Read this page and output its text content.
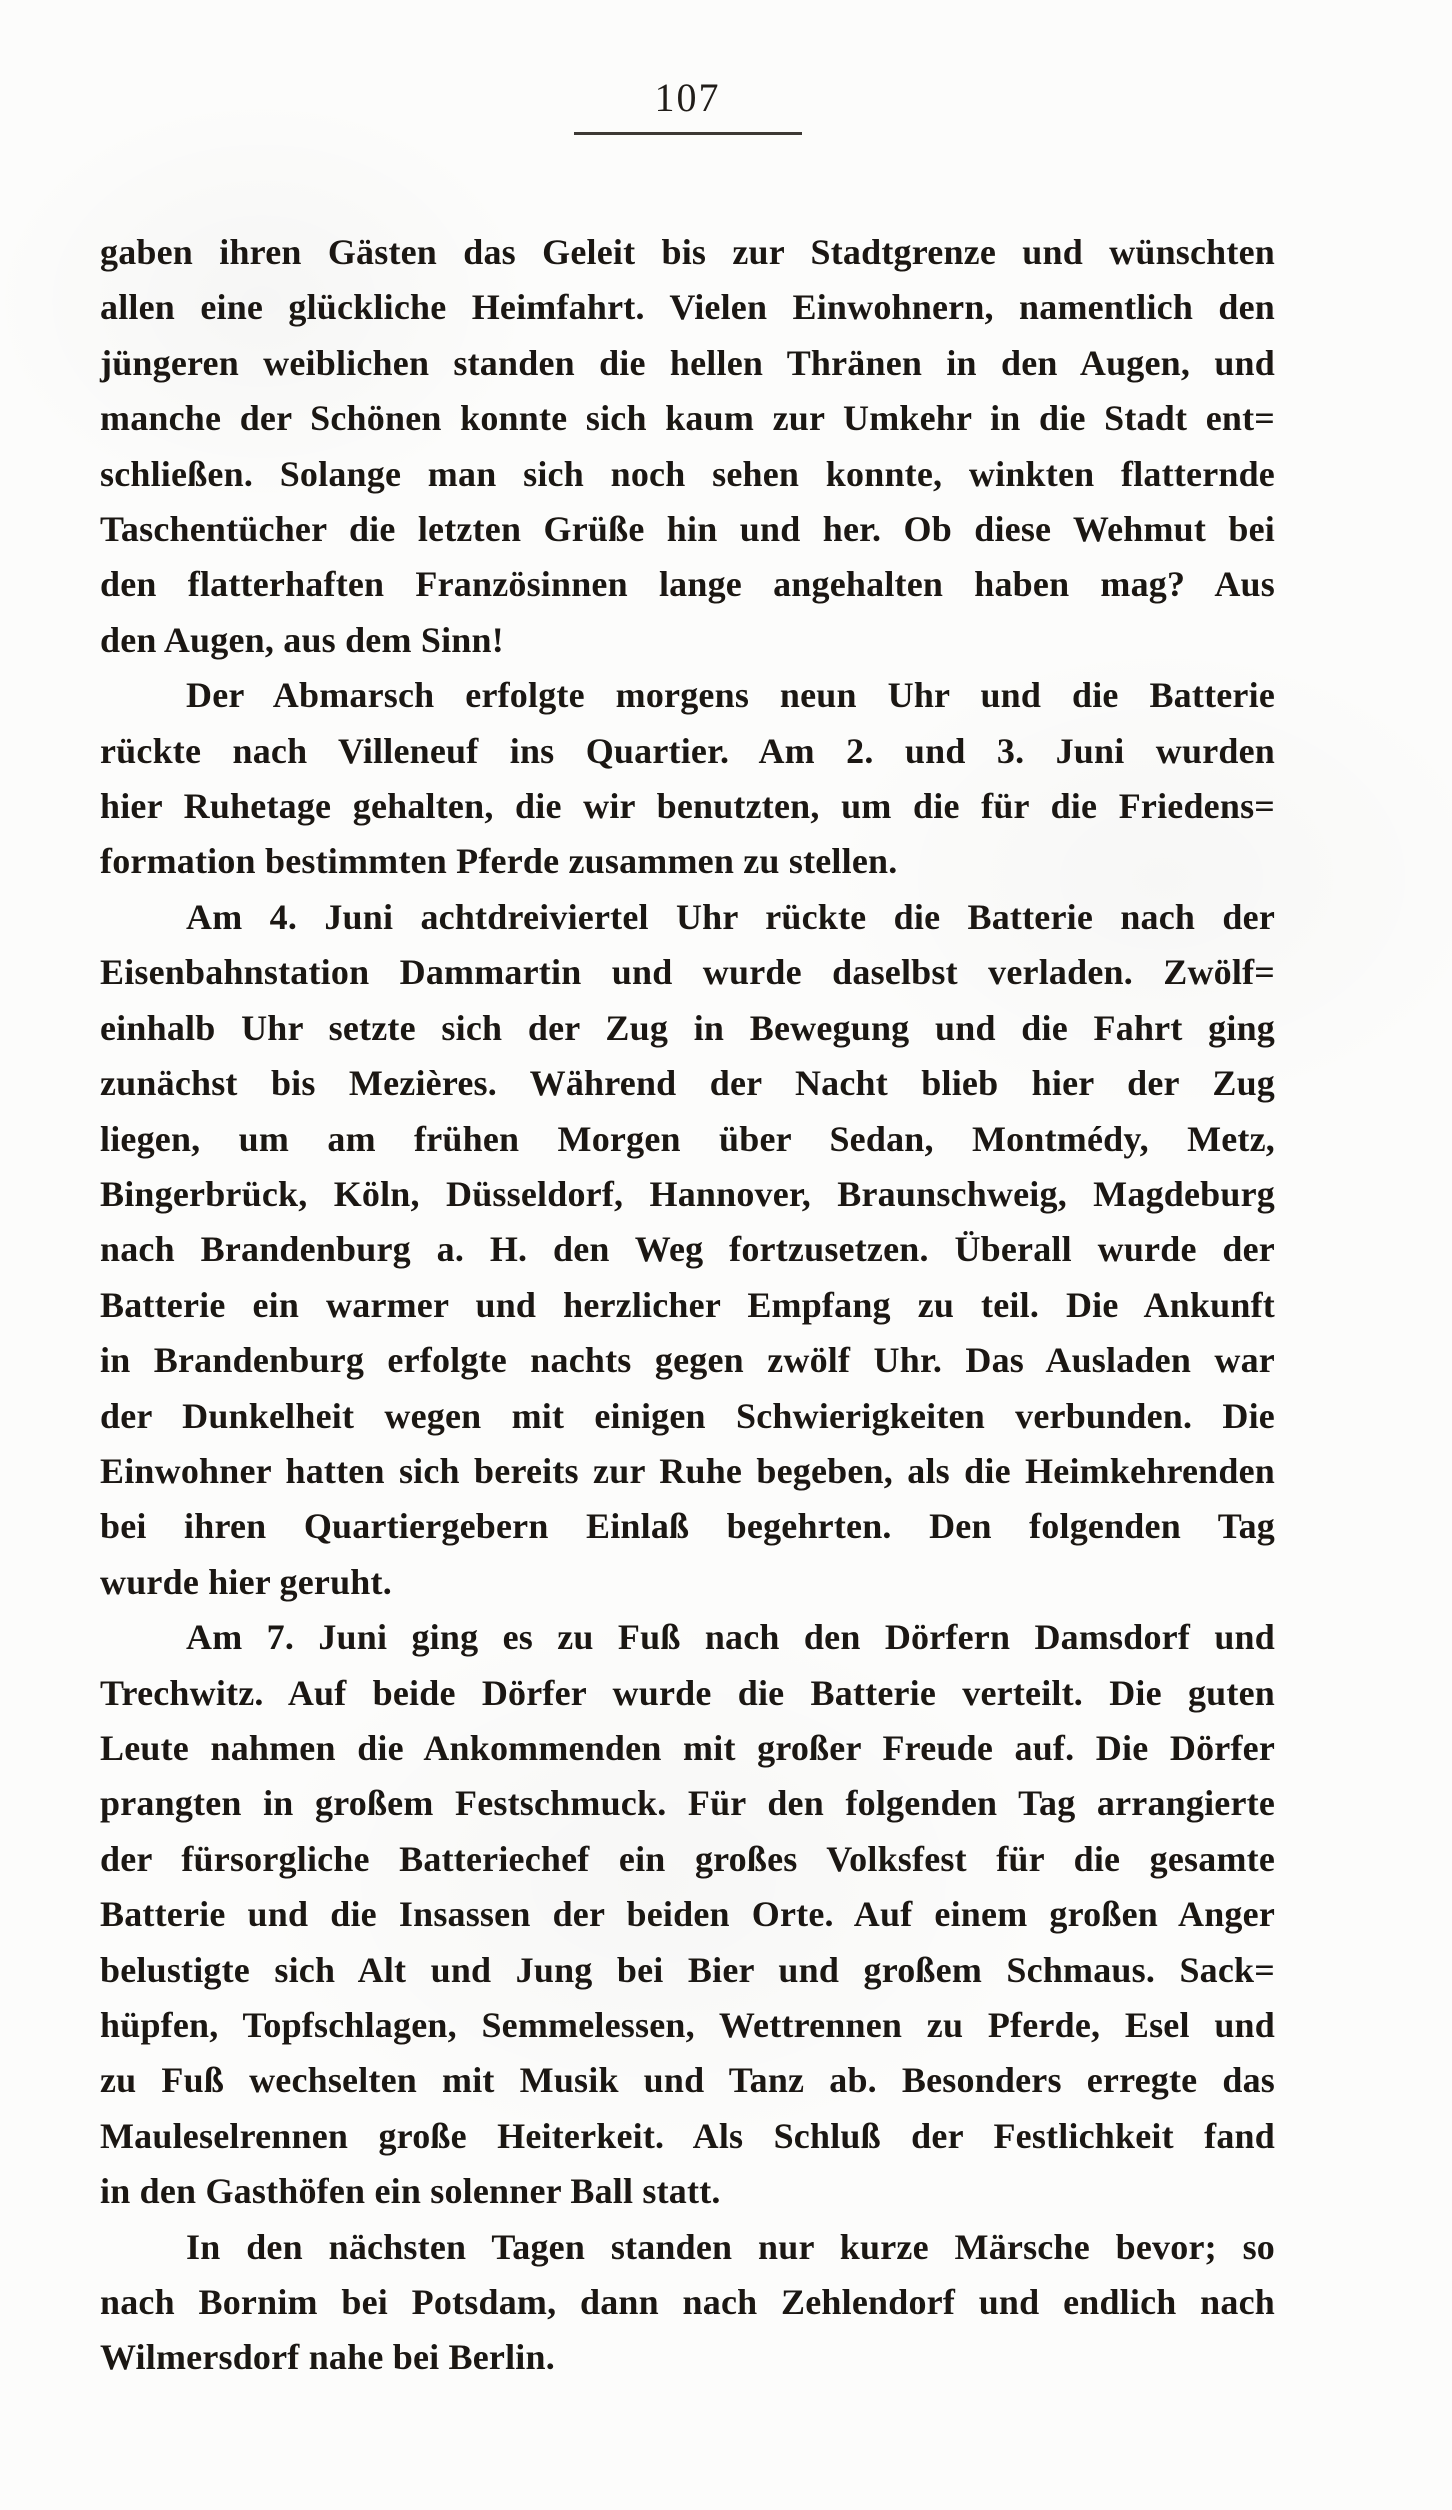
107
gaben ihren Gästen das Geleit bis zur Stadtgrenze und wünschten
allen eine glückliche Heimfahrt. Vielen Einwohnern, namentlich den
jüngeren weiblichen standen die hellen Thränen in den Augen, und
manche der Schönen konnte sich kaum zur Umkehr in die Stadt ent=
schließen. Solange man sich noch sehen konnte, winkten flatternde
Taschentücher die letzten Grüße hin und her. Ob diese Wehmut bei
den flatterhaften Französinnen lange angehalten haben mag? Aus
den Augen, aus dem Sinn!
Der Abmarsch erfolgte morgens neun Uhr und die Batterie
rückte nach Villeneuf ins Quartier. Am 2. und 3. Juni wurden
hier Ruhetage gehalten, die wir benutzten, um die für die Friedens=
formation bestimmten Pferde zusammen zu stellen.
Am 4. Juni achtdreiviertel Uhr rückte die Batterie nach der
Eisenbahnstation Dammartin und wurde daselbst verladen. Zwölf=
einhalb Uhr setzte sich der Zug in Bewegung und die Fahrt ging
zunächst bis Mezières. Während der Nacht blieb hier der Zug
liegen, um am frühen Morgen über Sedan, Montmédy, Metz,
Bingerbrück, Köln, Düsseldorf, Hannover, Braunschweig, Magdeburg
nach Brandenburg a. H. den Weg fortzusetzen. Überall wurde der
Batterie ein warmer und herzlicher Empfang zu teil. Die Ankunft
in Brandenburg erfolgte nachts gegen zwölf Uhr. Das Ausladen war
der Dunkelheit wegen mit einigen Schwierigkeiten verbunden. Die
Einwohner hatten sich bereits zur Ruhe begeben, als die Heimkehrenden
bei ihren Quartiergebern Einlaß begehrten. Den folgenden Tag
wurde hier geruht.
Am 7. Juni ging es zu Fuß nach den Dörfern Damsdorf und
Trechwitz. Auf beide Dörfer wurde die Batterie verteilt. Die guten
Leute nahmen die Ankommenden mit großer Freude auf. Die Dörfer
prangten in großem Festschmuck. Für den folgenden Tag arrangierte
der fürsorgliche Batteriechef ein großes Volksfest für die gesamte
Batterie und die Insassen der beiden Orte. Auf einem großen Anger
belustigte sich Alt und Jung bei Bier und großem Schmaus. Sack=
hüpfen, Topfschlagen, Semmelessen, Wettrennen zu Pferde, Esel und
zu Fuß wechselten mit Musik und Tanz ab. Besonders erregte das
Mauleselrennen große Heiterkeit. Als Schluß der Festlichkeit fand
in den Gasthöfen ein solenner Ball statt.
In den nächsten Tagen standen nur kurze Märsche bevor; so
nach Bornim bei Potsdam, dann nach Zehlendorf und endlich nach
Wilmersdorf nahe bei Berlin.
